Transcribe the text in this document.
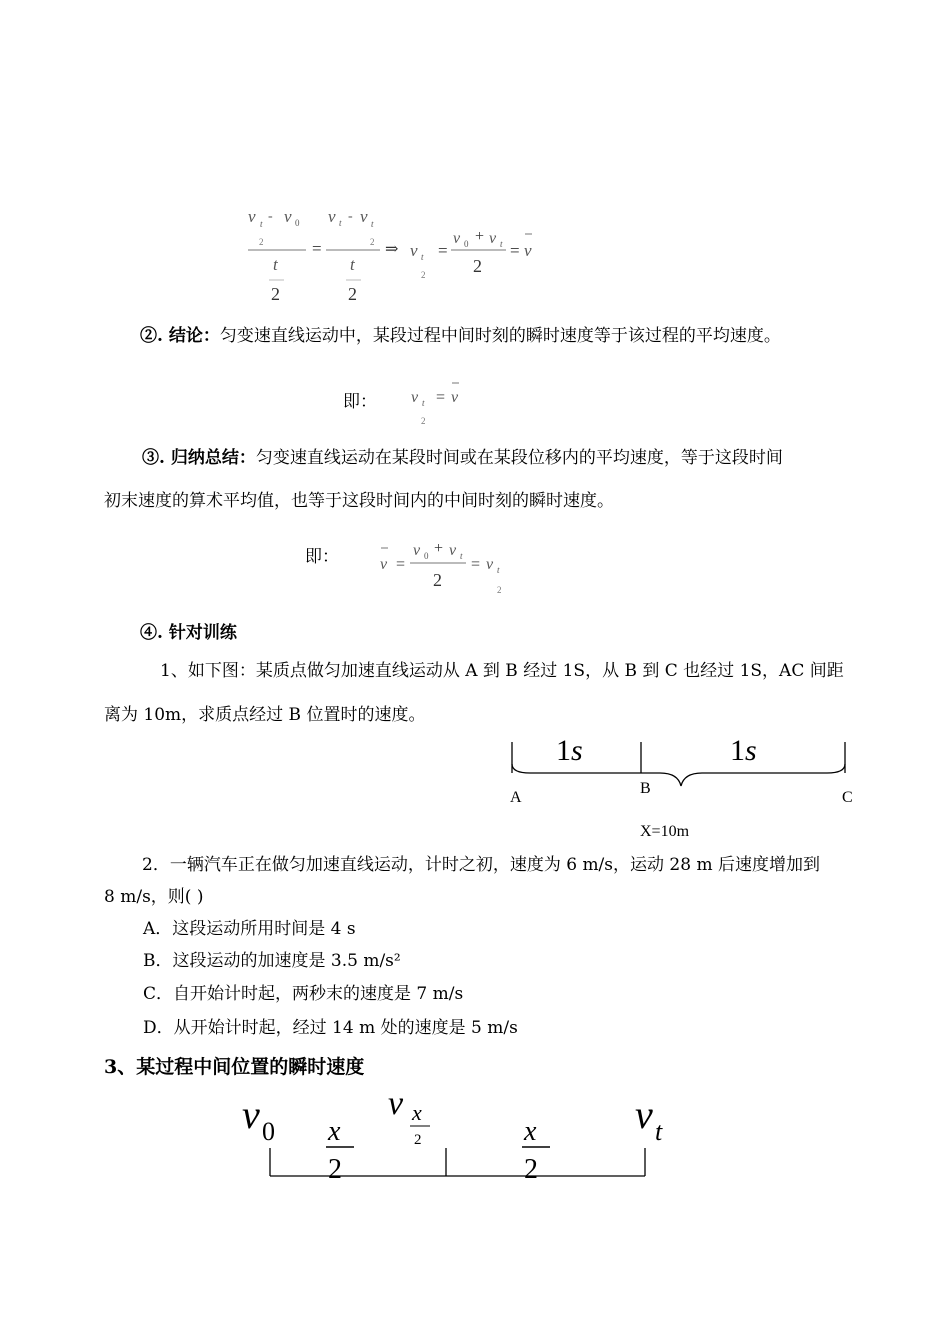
v t - v 0
2
t
2
=
v t - v t
2
t
2
⇒ v t
2
=
v 0 + v t
2
= v
②. 结论：匀变速直线运动中，某段过程中间时刻的瞬时速度等于该过程的平均速度。
即： v t
2
= v
③. 归纳总结：匀变速直线运动在某段时间或在某段位移内的平均速度，等于这段时间
初末速度的算术平均值，也等于这段时间内的中间时刻的瞬时速度。
即：	v =
v 0 + v t
2
= v t
2
④. 针对训练
1、如下图：某质点做匀加速直线运动从 A 到 B 经过 1S，从 B 到 C 也经过 1S，AC 间距
离为 10m，求质点经过 B 位置时的速度。
1s	1s
A
B
C
X=10m
2．一辆汽车正在做匀加速直线运动，计时之初，速度为 6 m/s，运动 28 m 后速度增加到
8 m/s，则( )
A．这段运动所用时间是 4 s
B．这段运动的加速度是 3.5 m/s²
C．自开始计时起，两秒末的速度是 7 m/s
D．从开始计时起，经过 14 m 处的速度是 5 m/s
3、某过程中间位置的瞬时速度
v 0 x
2
v x
2	x
2
v t
